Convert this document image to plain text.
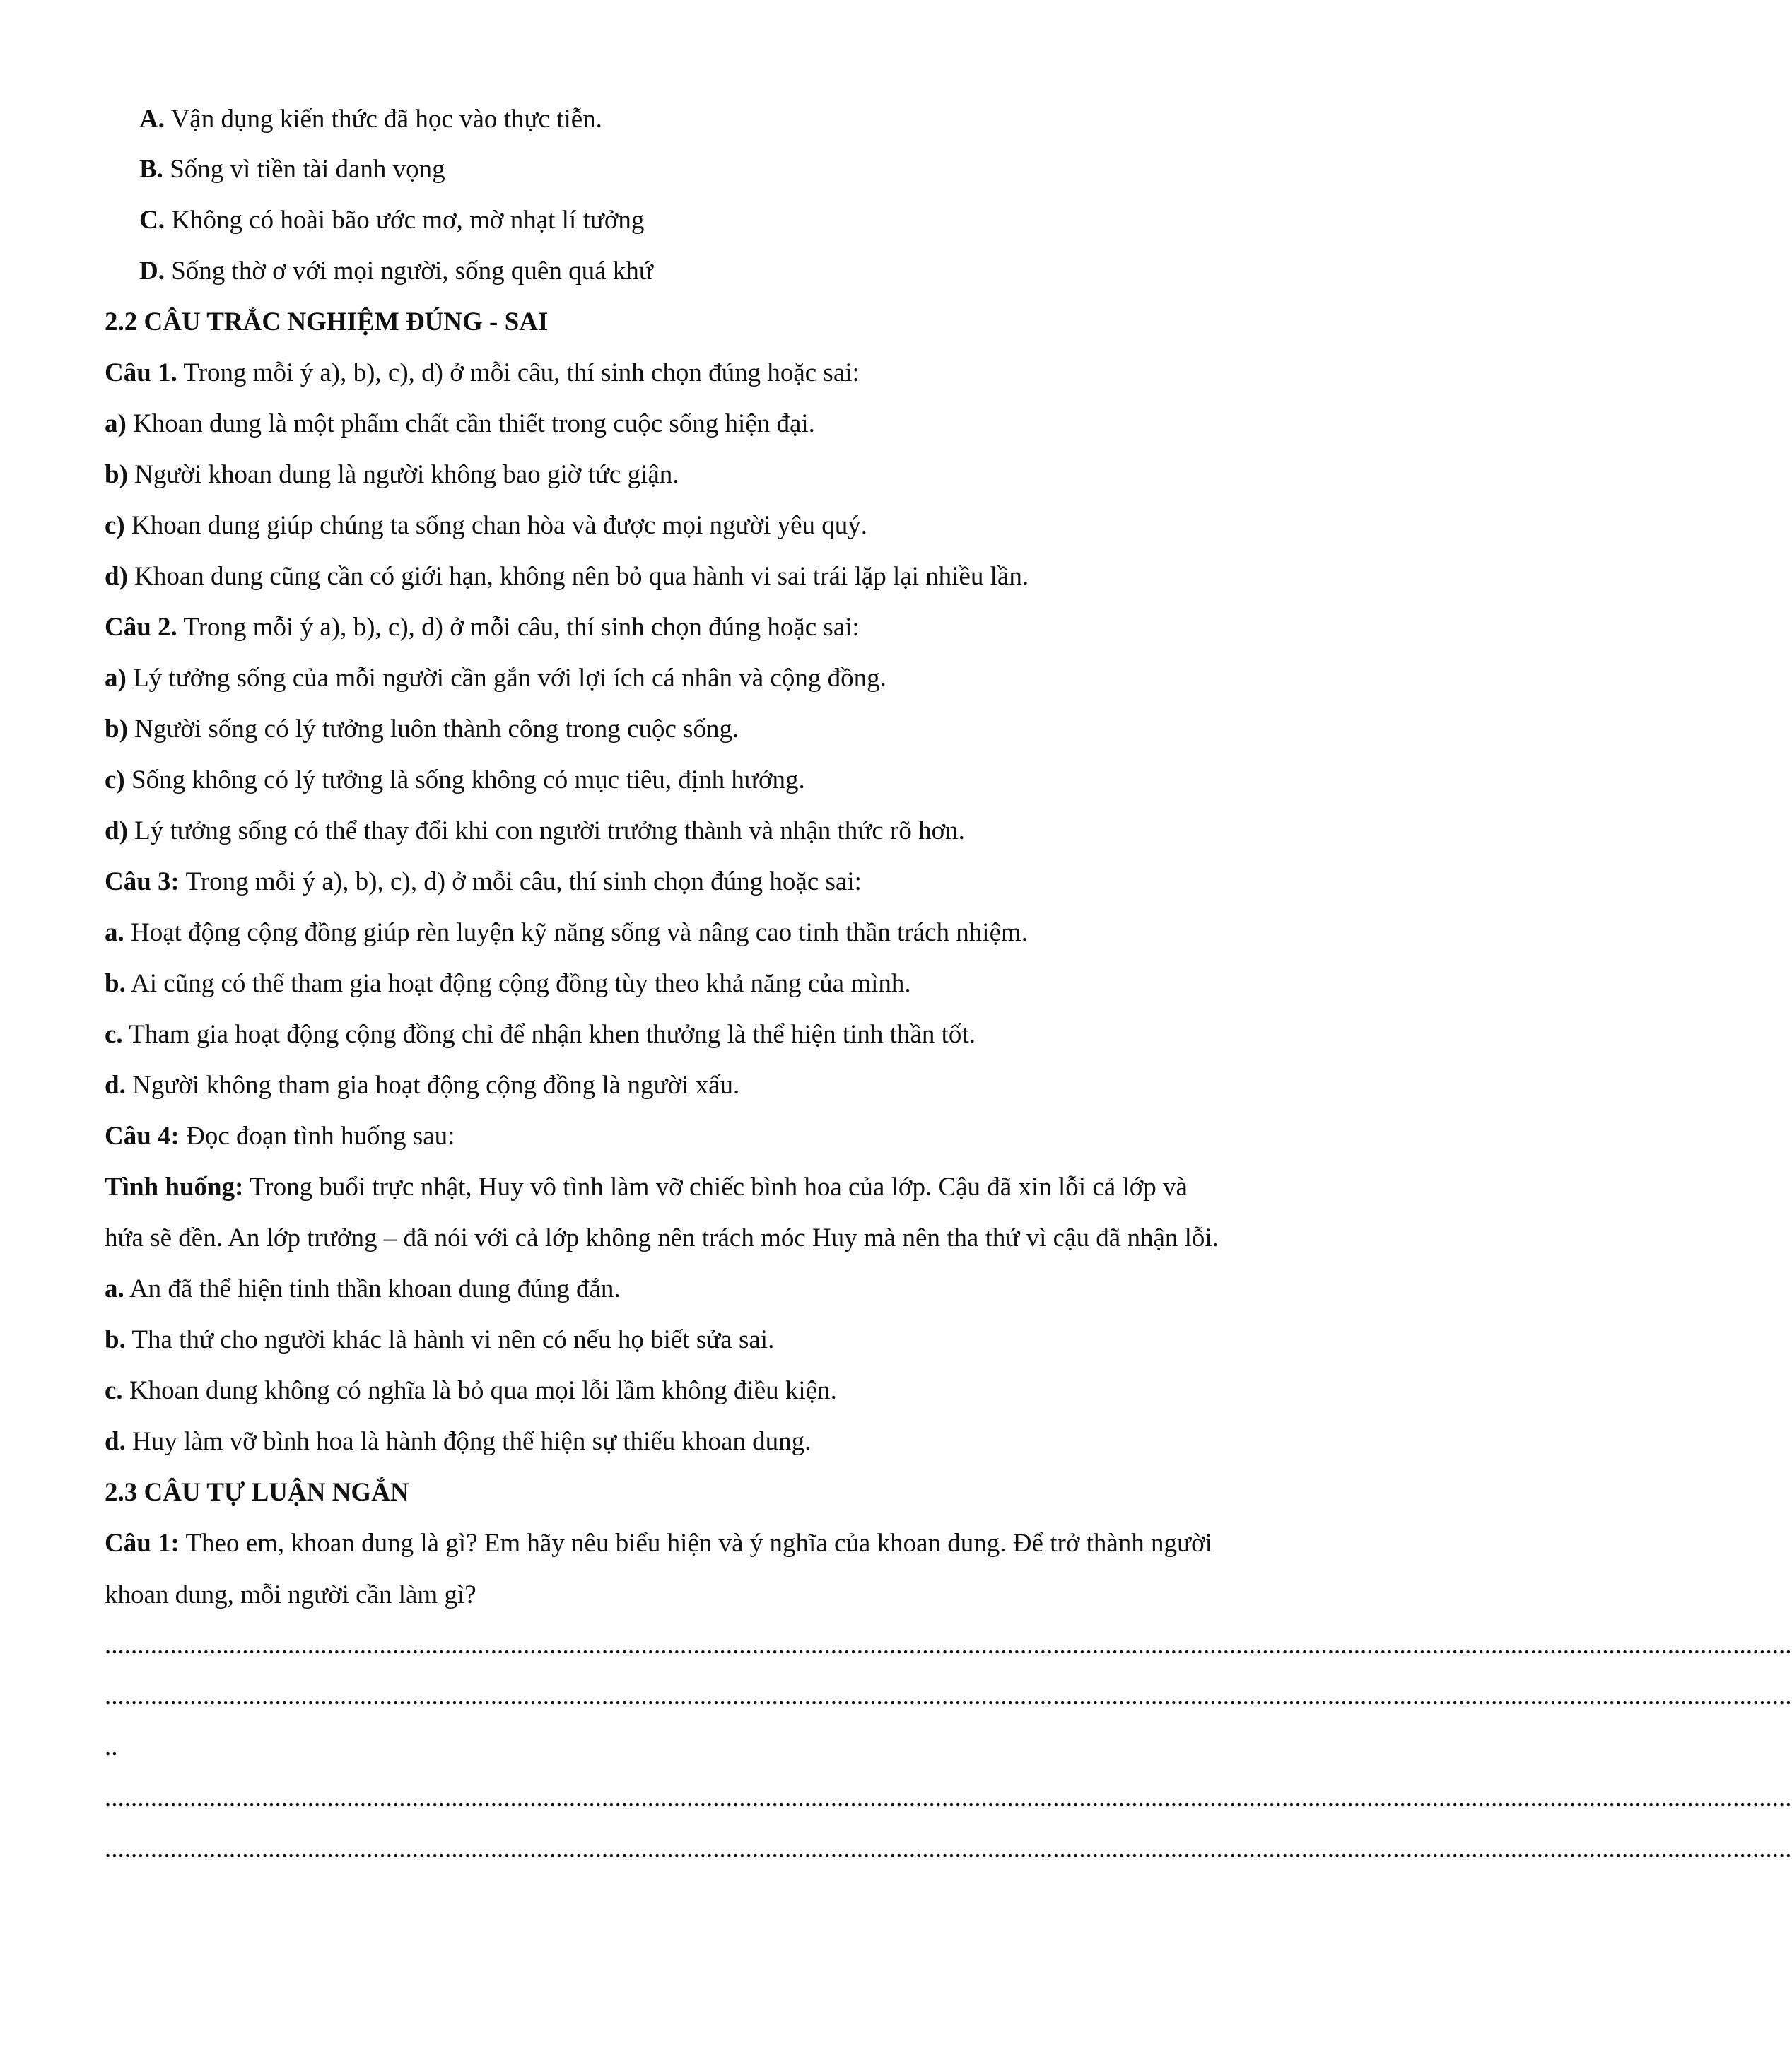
A. Vận dụng kiến thức đã học vào thực tiễn.
B. Sống vì tiền tài danh vọng
C. Không có hoài bão ước mơ, mờ nhạt lí tưởng
D. Sống thờ ơ với mọi người, sống quên quá khứ
2.2 CÂU TRẮC NGHIỆM ĐÚNG - SAI
Câu 1. Trong mỗi ý a), b), c), d) ở mỗi câu, thí sinh chọn đúng hoặc sai:
a) Khoan dung là một phẩm chất cần thiết trong cuộc sống hiện đại.
b) Người khoan dung là người không bao giờ tức giận.
c) Khoan dung giúp chúng ta sống chan hòa và được mọi người yêu quý.
d) Khoan dung cũng cần có giới hạn, không nên bỏ qua hành vi sai trái lặp lại nhiều lần.
Câu 2. Trong mỗi ý a), b), c), d) ở mỗi câu, thí sinh chọn đúng hoặc sai:
a) Lý tưởng sống của mỗi người cần gắn với lợi ích cá nhân và cộng đồng.
b) Người sống có lý tưởng luôn thành công trong cuộc sống.
c) Sống không có lý tưởng là sống không có mục tiêu, định hướng.
d) Lý tưởng sống có thể thay đổi khi con người trưởng thành và nhận thức rõ hơn.
Câu 3: Trong mỗi ý a), b), c), d) ở mỗi câu, thí sinh chọn đúng hoặc sai:
a. Hoạt động cộng đồng giúp rèn luyện kỹ năng sống và nâng cao tinh thần trách nhiệm.
b. Ai cũng có thể tham gia hoạt động cộng đồng tùy theo khả năng của mình.
c. Tham gia hoạt động cộng đồng chỉ để nhận khen thưởng là thể hiện tinh thần tốt.
d. Người không tham gia hoạt động cộng đồng là người xấu.
Câu 4: Đọc đoạn tình huống sau:
Tình huống: Trong buổi trực nhật, Huy vô tình làm vỡ chiếc bình hoa của lớp. Cậu đã xin lỗi cả lớp và
hứa sẽ đền. An lớp trưởng – đã nói với cả lớp không nên trách móc Huy mà nên tha thứ vì cậu đã nhận lỗi.
a. An đã thể hiện tinh thần khoan dung đúng đắn.
b. Tha thứ cho người khác là hành vi nên có nếu họ biết sửa sai.
c. Khoan dung không có nghĩa là bỏ qua mọi lỗi lầm không điều kiện.
d. Huy làm vỡ bình hoa là hành động thể hiện sự thiếu khoan dung.
2.3 CÂU TỰ LUẬN NGẮN
Câu 1: Theo em, khoan dung là gì? Em hãy nêu biểu hiện và ý nghĩa của khoan dung. Để trở thành người
khoan dung, mỗi người cần làm gì?
..................................................................................................................................................................................................................................................................
..................................................................................................................................................................................................................................................................
..
..................................................................................................................................................................................................................................................................
..................................................................................................................................................................................................................................................................
